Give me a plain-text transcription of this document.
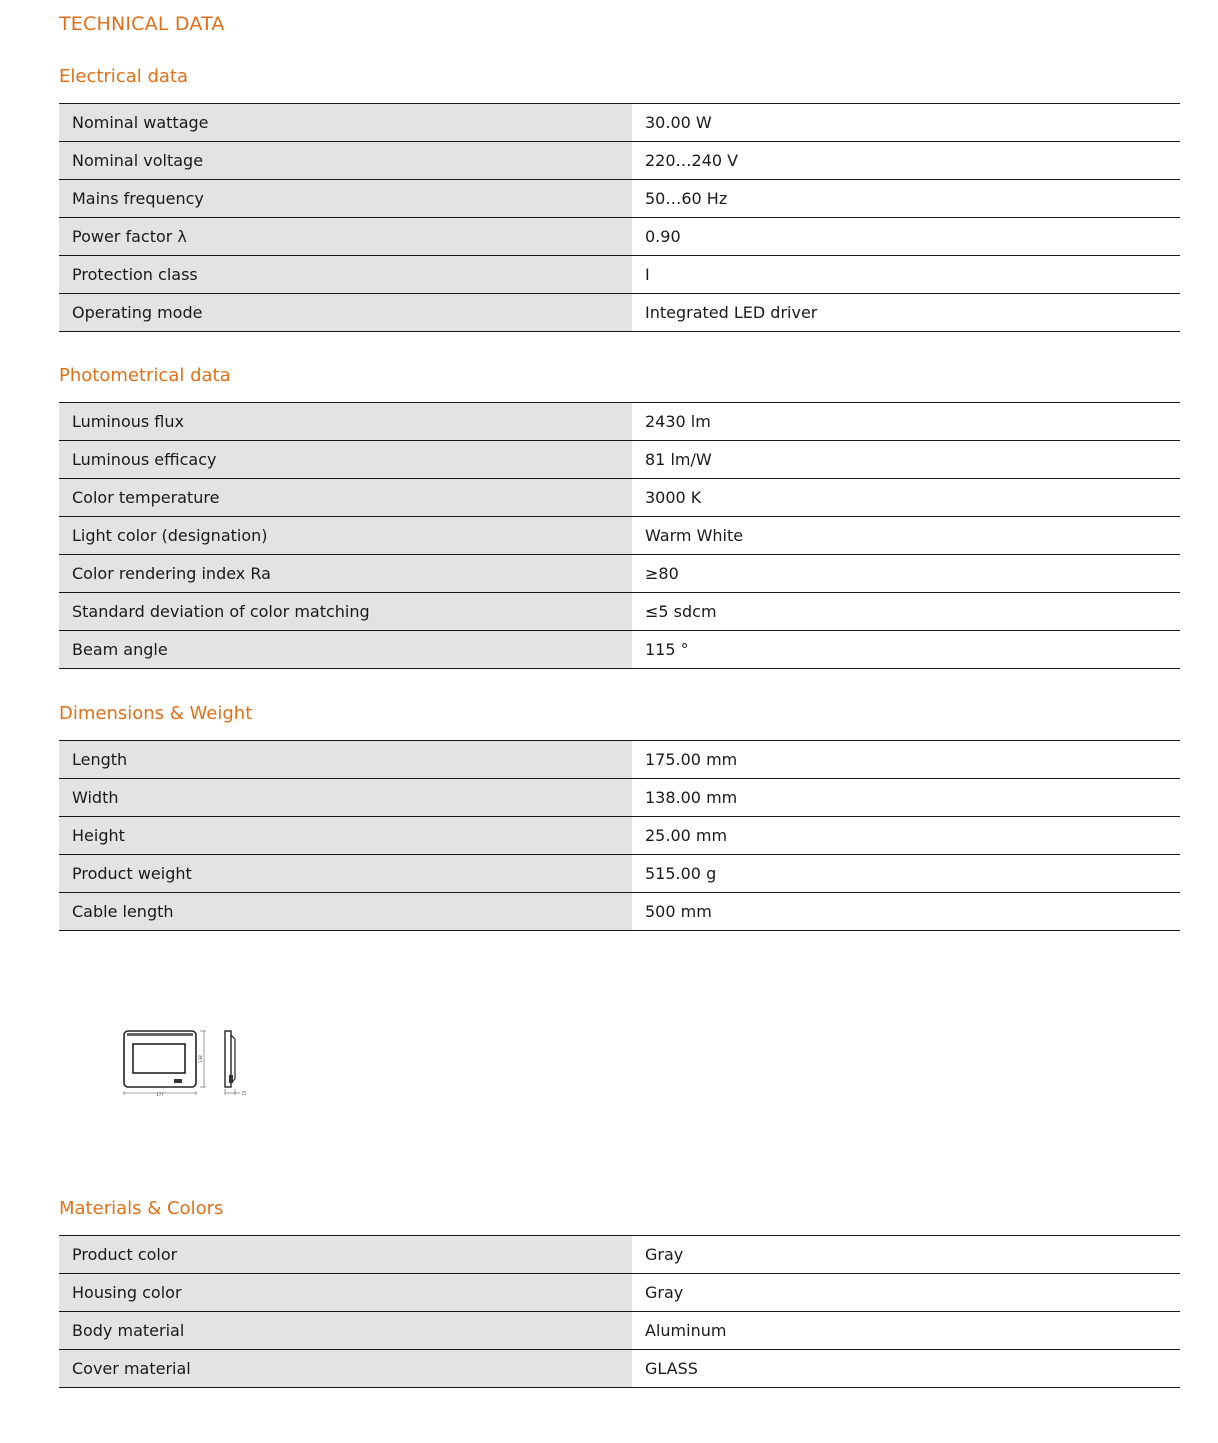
TECHNICAL DATA
Electrical data
Nominal wattage	30.00 W
Nominal voltage	220…240 V
Mains frequency	50…60 Hz
Power factor λ	0.90
Protection class	I
Operating mode	Integrated LED driver
Photometrical data
Luminous flux	2430 lm
Luminous efficacy	81 lm/W
Color temperature	3000 K
Light color (designation)	Warm White
Color rendering index Ra	≥80
Standard deviation of color matching	≤5 sdcm
Beam angle	115 °
Dimensions & Weight
Length	175.00 mm
Width	138.00 mm
Height	25.00 mm
Product weight	515.00 g
Cable length	500 mm
177
138
25
Materials & Colors
Product color	Gray
Housing color	Gray
Body material	Aluminum
Cover material	GLASS
